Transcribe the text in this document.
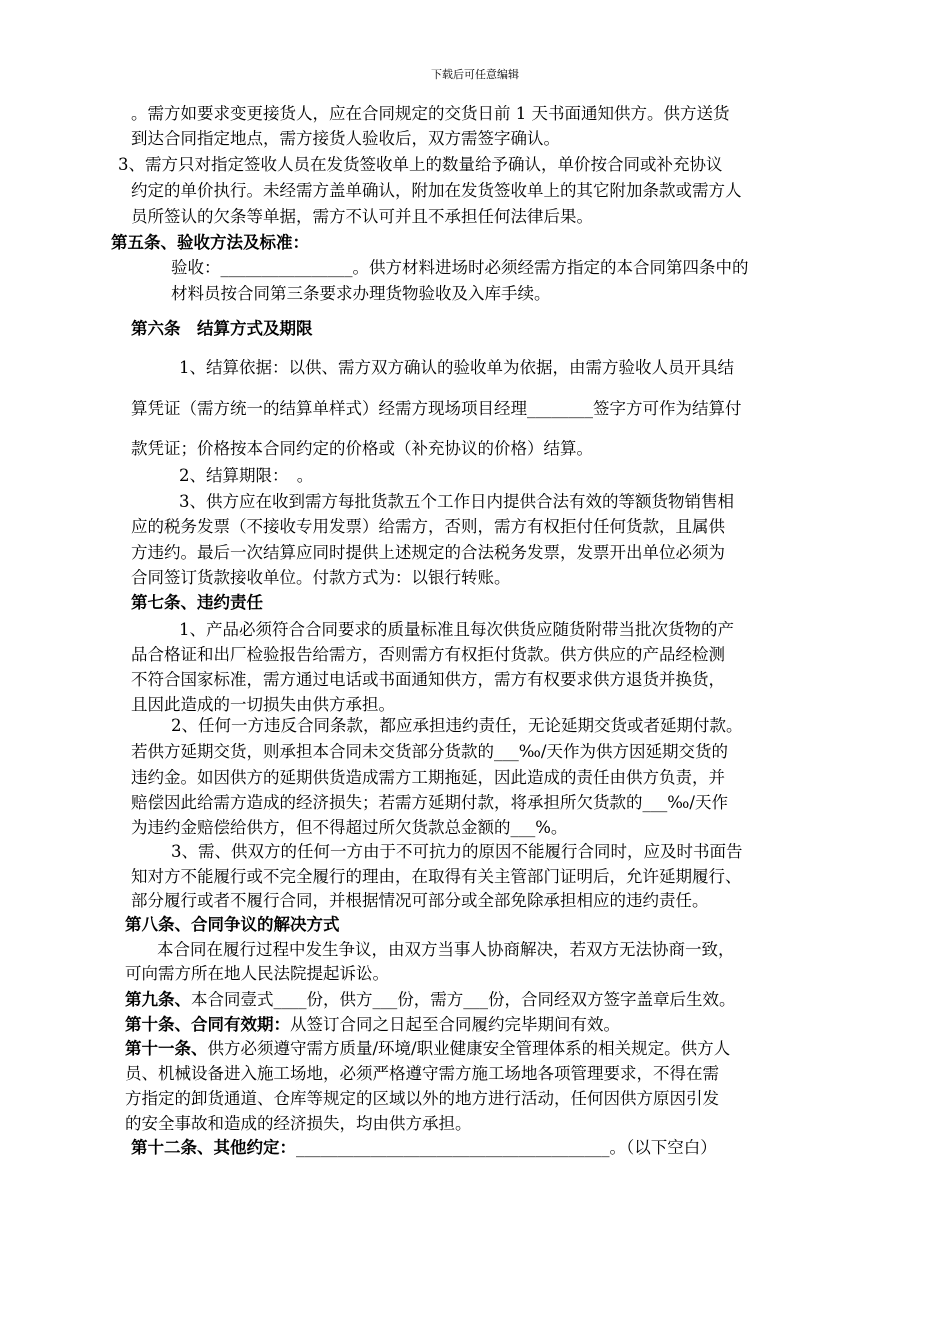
下载后可任意编辑
。需方如要求变更接货人，应在合同规定的交货日前 1 天书面通知供方。供方送货
到达合同指定地点，需方接货人验收后，双方需签字确认。
3、需方只对指定签收人员在发货签收单上的数量给予确认，单价按合同或补充协议
约定的单价执行。未经需方盖单确认，附加在发货签收单上的其它附加条款或需方人
员所签认的欠条等单据，需方不认可并且不承担任何法律后果。
第五条、验收方法及标准：
验收：________________。供方材料进场时必须经需方指定的本合同第四条中的
材料员按合同第三条要求办理货物验收及入库手续。
第六条　结算方式及期限
1、结算依据：以供、需方双方确认的验收单为依据，由需方验收人员开具结
算凭证（需方统一的结算单样式）经需方现场项目经理________签字方可作为结算付
款凭证；价格按本合同约定的价格或（补充协议的价格）结算。
2、结算期限：　。
3、供方应在收到需方每批货款五个工作日内提供合法有效的等额货物销售相
应的税务发票（不接收专用发票）给需方，否则，需方有权拒付任何货款，且属供
方违约。最后一次结算应同时提供上述规定的合法税务发票，发票开出单位必须为
合同签订货款接收单位。付款方式为：以银行转账。
第七条、违约责任
1、产品必须符合合同要求的质量标准且每次供货应随货附带当批次货物的产
品合格证和出厂检验报告给需方，否则需方有权拒付货款。供方供应的产品经检测
不符合国家标准，需方通过电话或书面通知供方，需方有权要求供方退货并换货，
且因此造成的一切损失由供方承担。
2、任何一方违反合同条款，都应承担违约责任，无论延期交货或者延期付款。
若供方延期交货，则承担本合同未交货部分货款的___‰/天作为供方因延期交货的
违约金。如因供方的延期供货造成需方工期拖延，因此造成的责任由供方负责，并
赔偿因此给需方造成的经济损失；若需方延期付款，将承担所欠货款的___‰/天作
为违约金赔偿给供方，但不得超过所欠货款总金额的___%。
3、需、供双方的任何一方由于不可抗力的原因不能履行合同时，应及时书面告
知对方不能履行或不完全履行的理由，在取得有关主管部门证明后，允许延期履行、
部分履行或者不履行合同，并根据情况可部分或全部免除承担相应的违约责任。
第八条、合同争议的解决方式
本合同在履行过程中发生争议，由双方当事人协商解决，若双方无法协商一致，
可向需方所在地人民法院提起诉讼。
第九条、本合同壹式____份，供方___份，需方___份，合同经双方签字盖章后生效。
第十条、合同有效期：从签订合同之日起至合同履约完毕期间有效。
第十一条、供方必须遵守需方质量/环境/职业健康安全管理体系的相关规定。供方人
员、机械设备进入施工场地，必须严格遵守需方施工场地各项管理要求，不得在需
方指定的卸货通道、仓库等规定的区域以外的地方进行活动，任何因供方原因引发
的安全事故和造成的经济损失，均由供方承担。
第十二条、其他约定：______________________________________。（以下空白）
